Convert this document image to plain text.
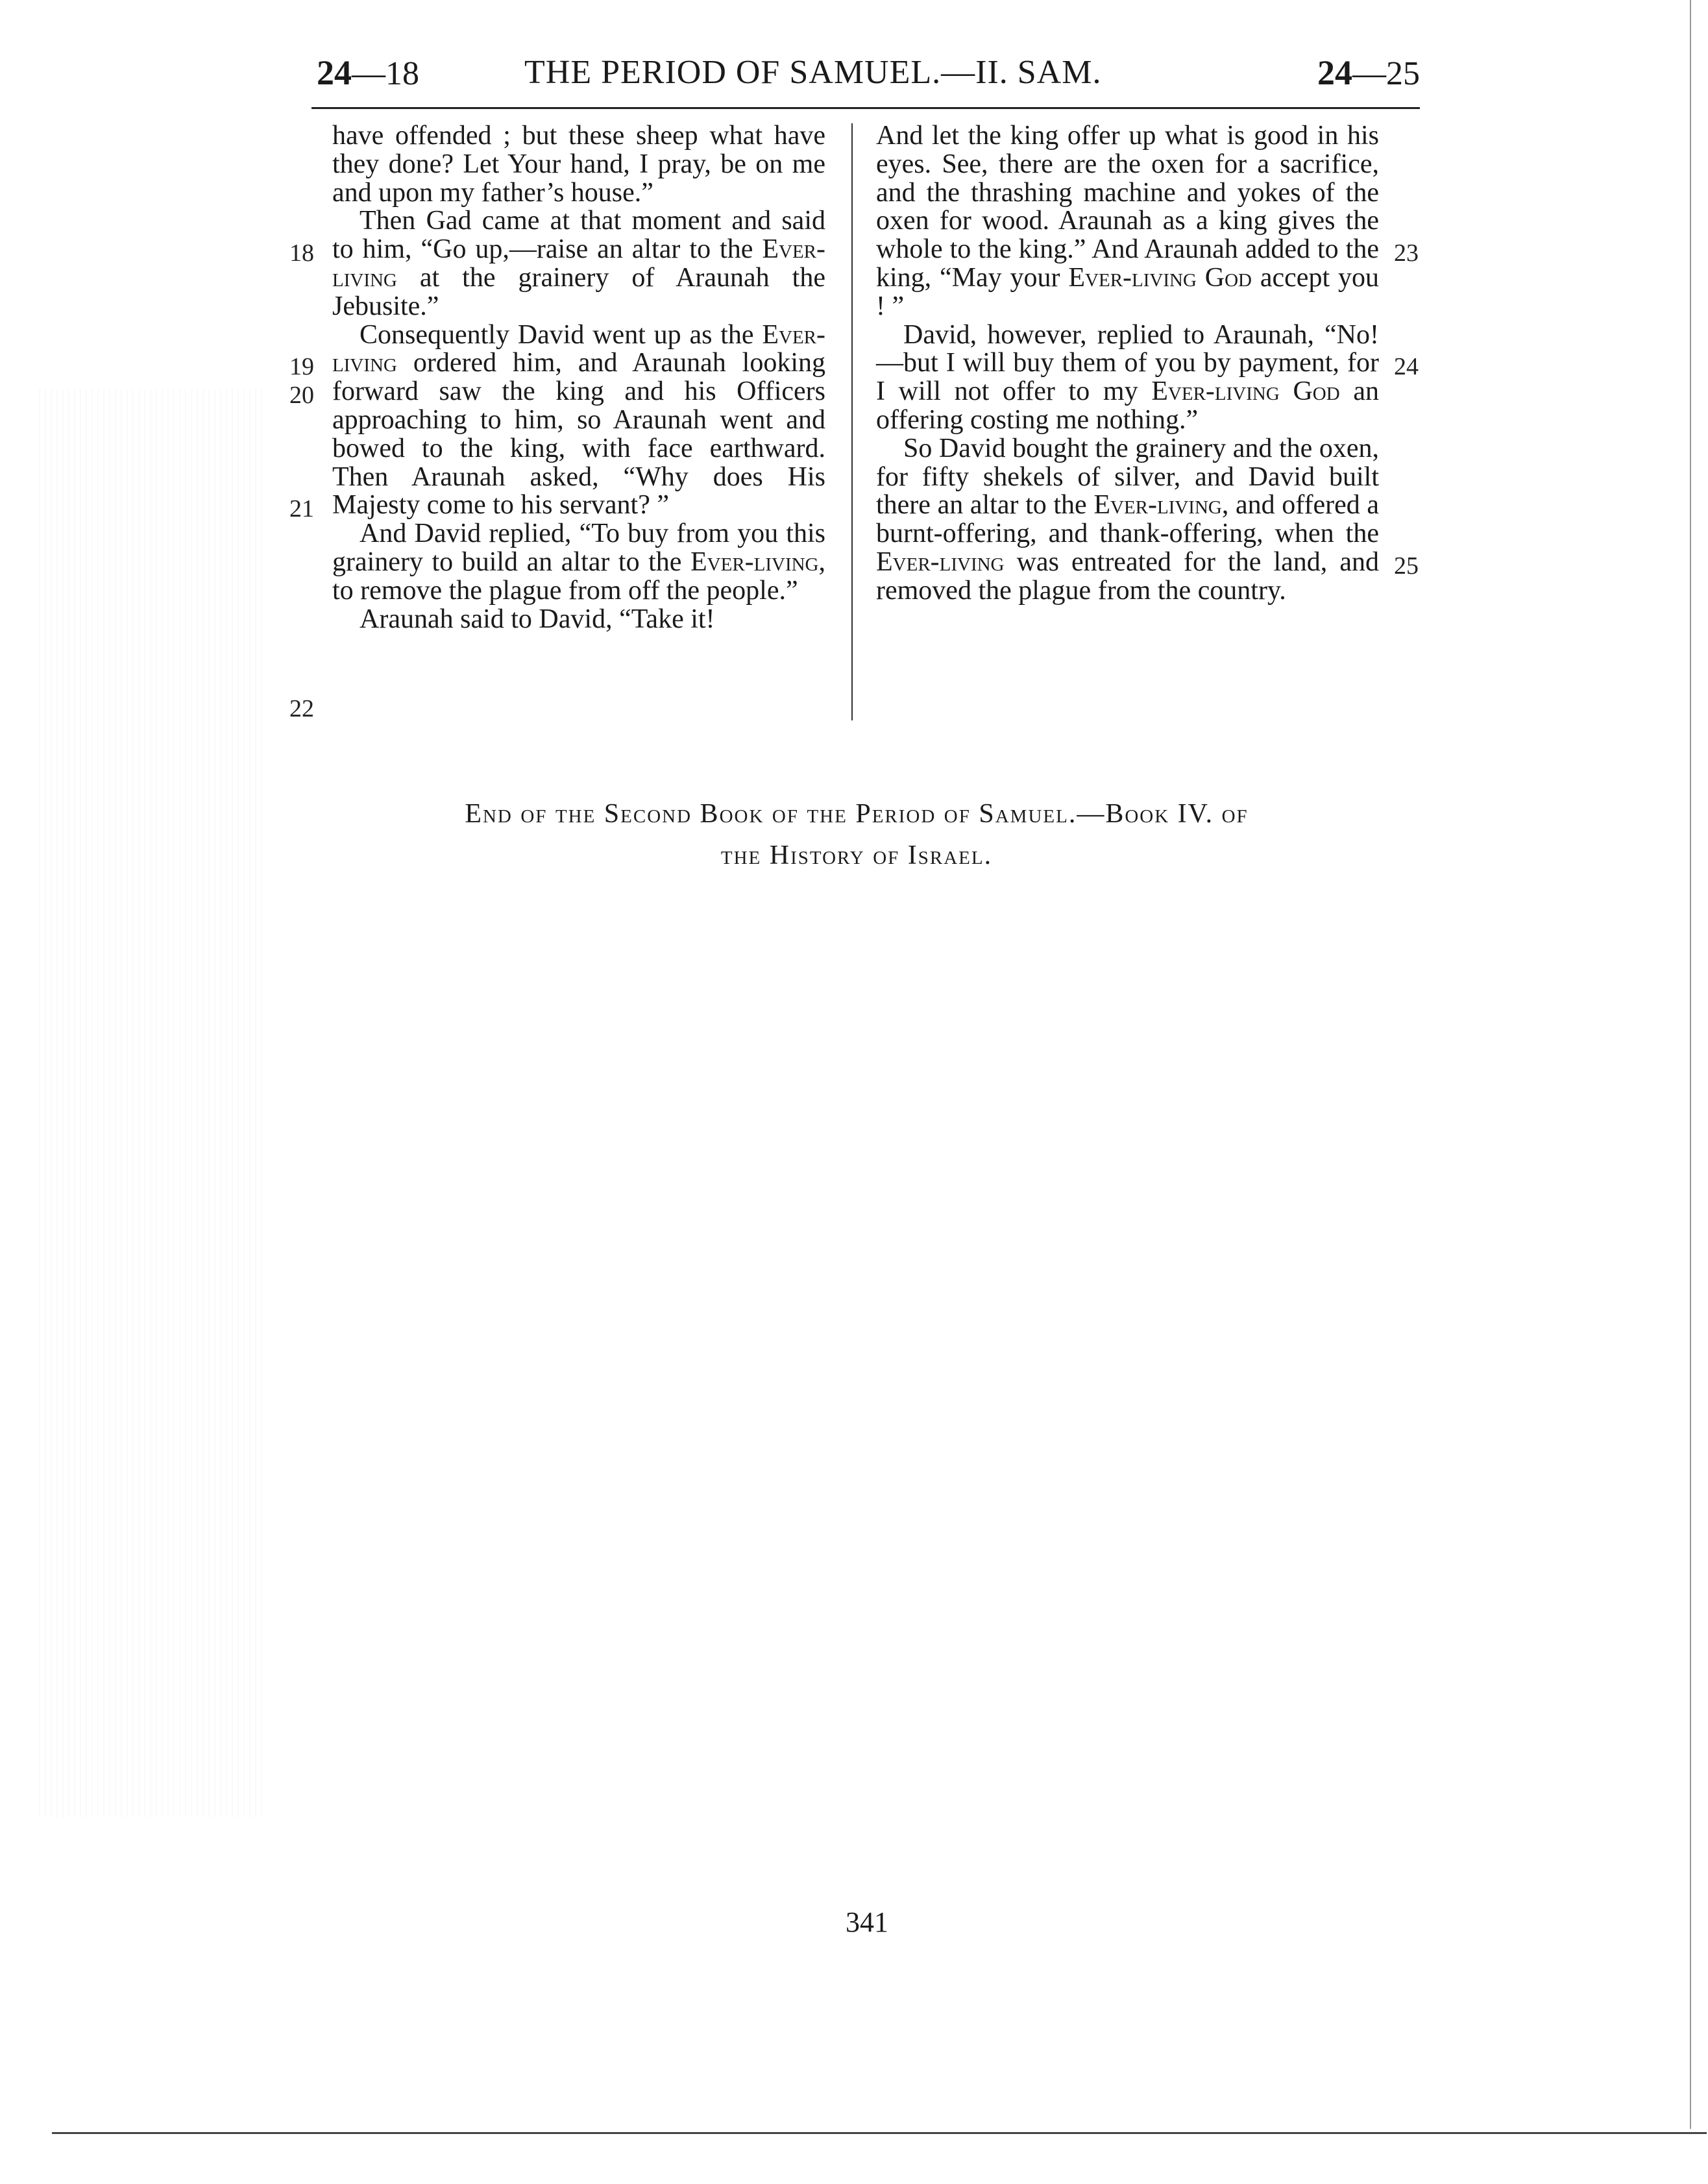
24—18	THE PERIOD OF SAMUEL.—II. SAM.	24—25
18
19
20
21
22

have offended ; but these sheep what have they done? Let Your hand, I pray, be on me and upon my father’s house.”

Then Gad came at that moment and said to him, “Go up,—raise an altar to the Ever-living at the grainery of Araunah the Jebusite.”

Consequently David went up as the Ever-living ordered him, and Araunah looking forward saw the king and his Officers approaching to him, so Araunah went and bowed to the king, with face earthward. Then Araunah asked, “Why does His Majesty come to his servant? ”

And David replied, “To buy from you this grainery to build an altar to the Ever-living, to remove the plague from off the people.”

Araunah said to David, “Take it!

And let the king offer up what is good in his eyes. See, there are the oxen for a sacrifice, and the thrashing machine and yokes of the oxen for wood. Araunah as a king gives the whole to the king.” And Araunah added to the king, “May your Ever-living God accept you ! ”

David, however, replied to Araunah, “No!—but I will buy them of you by payment, for I will not offer to my Ever-living God an offering costing me nothing.”

So David bought the grainery and the oxen, for fifty shekels of silver, and David built there an altar to the Ever-living, and offered a burnt-offering, and thank-offering, when the Ever-living was entreated for the land, and removed the plague from the country.

23
24
25
End of the Second Book of the Period of Samuel.—Book IV. of
the History of Israel.
341
